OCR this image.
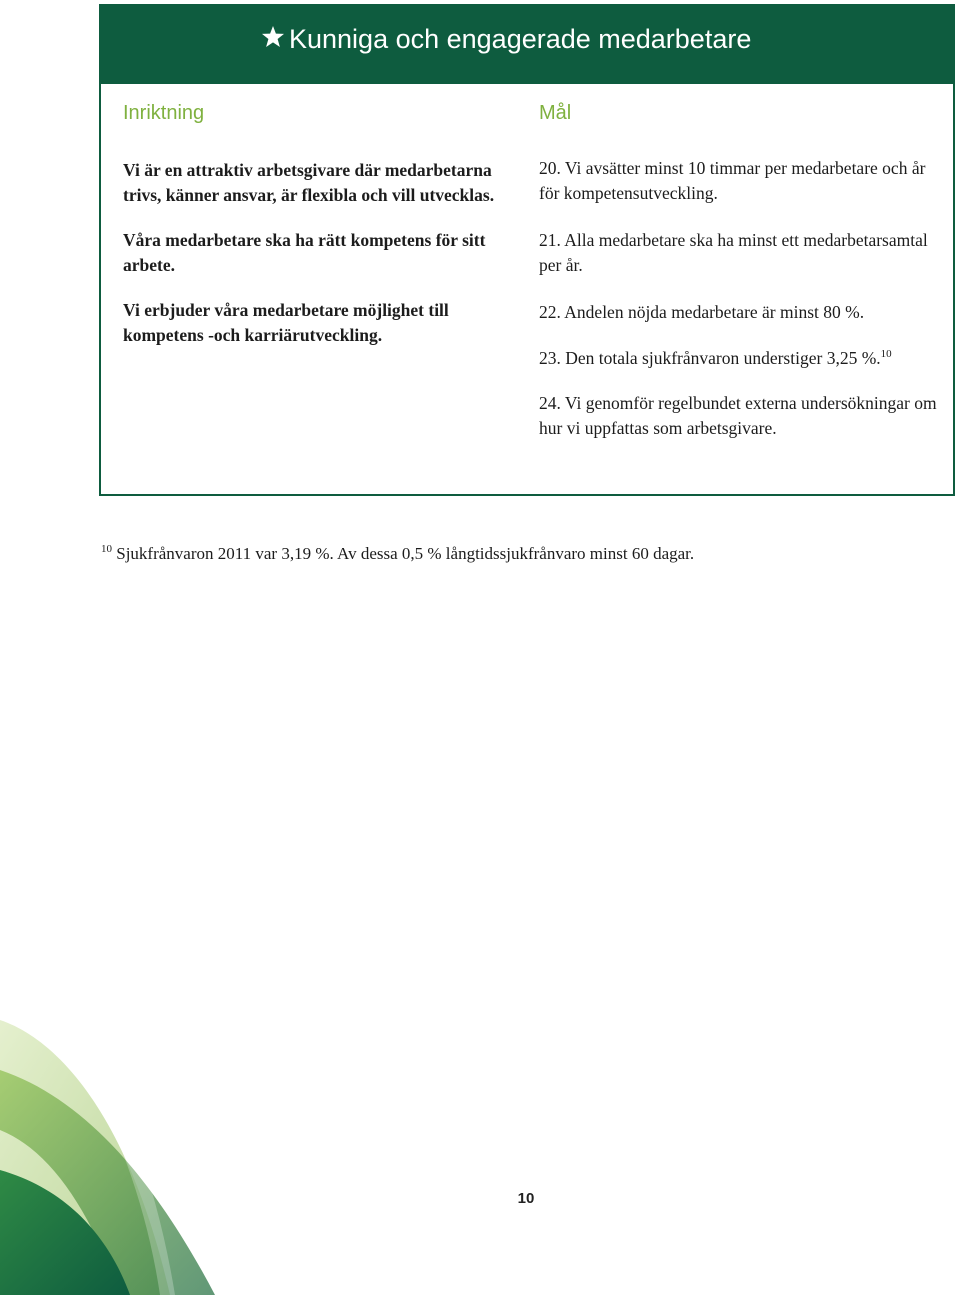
Kunniga och engagerade medarbetare
Inriktning	Mål

Vi är en attraktiv arbetsgivare där medarbetarna trivs, känner ansvar, är flexibla och vill utvecklas.

Våra medarbetare ska ha rätt kompetens för sitt arbete.

Vi erbjuder våra medarbetare möjlighet till kompetens -och karriärutveckling.

20. Vi avsätter minst 10 timmar per medarbetare och år för kompetensutveckling.

21. Alla medarbetare ska ha minst ett medarbetarsamtal per år.

22. Andelen nöjda medarbetare är minst 80 %.

23. Den totala sjukfrånvaron understiger 3,25 %.$^{10}$

24. Vi genomför regelbundet externa undersökningar om hur vi uppfattas som arbetsgivare.

$^{10}$ Sjukfrånvaron 2011 var 3,19 %. Av dessa 0,5 % långtidssjukfrånvaro minst 60 dagar.
10
